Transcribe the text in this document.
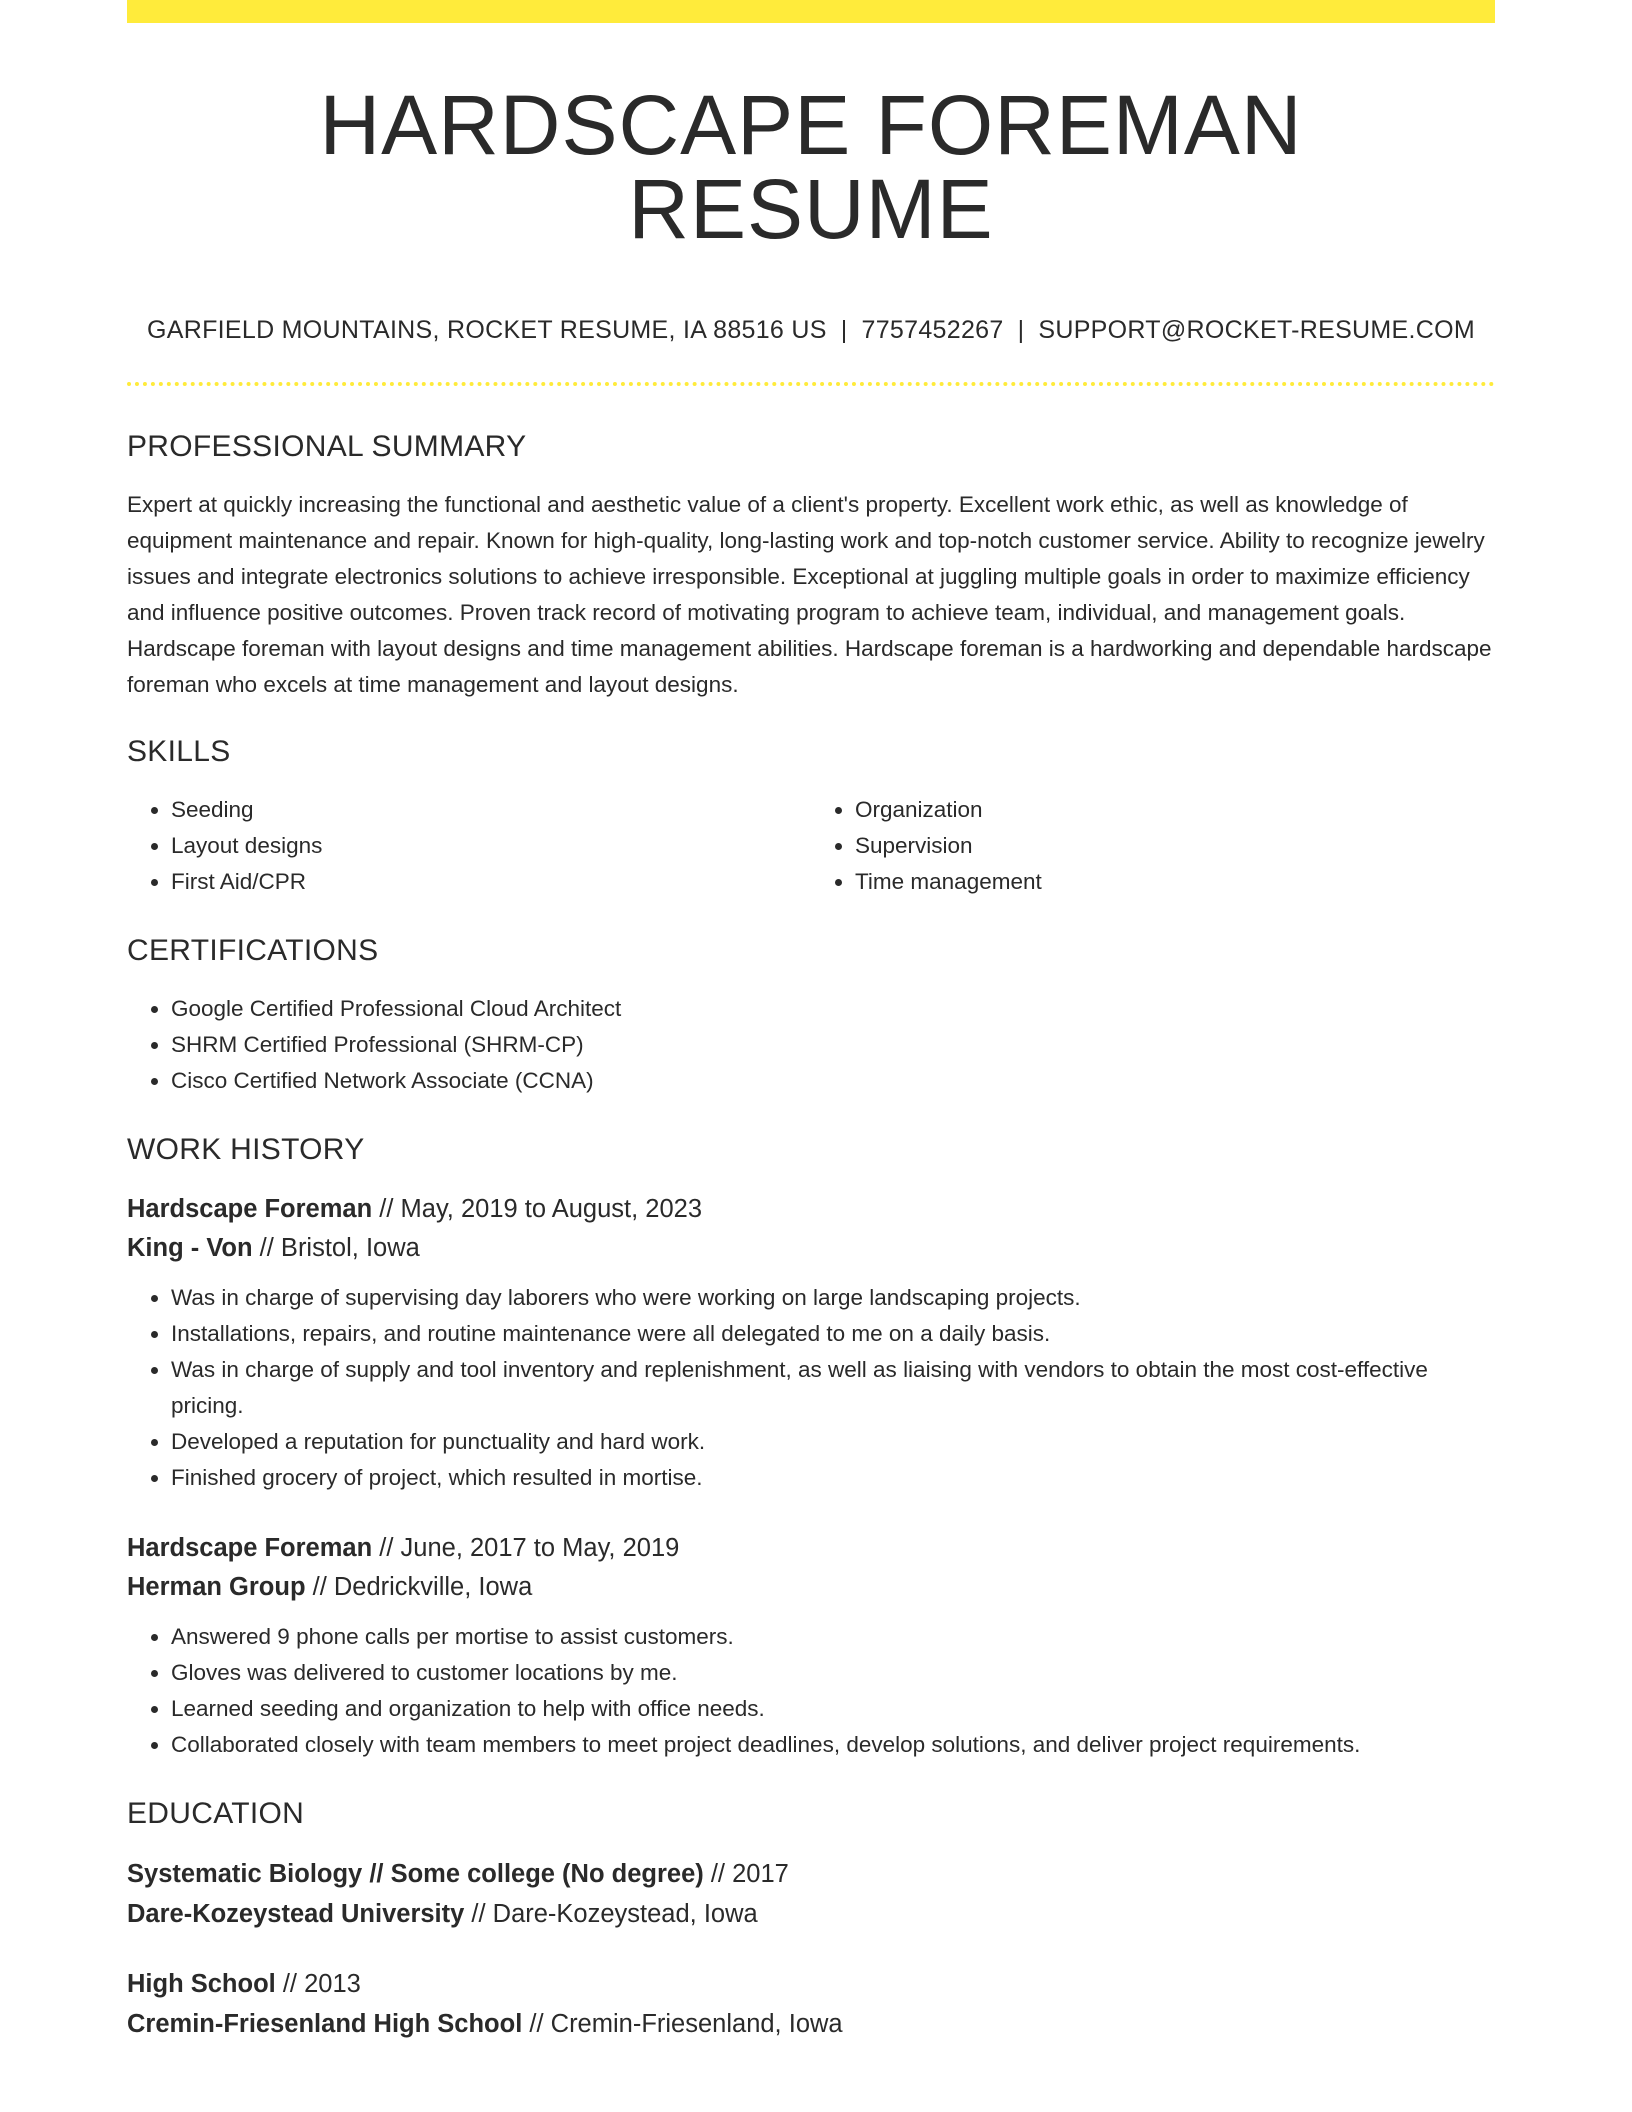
HARDSCAPE FOREMAN RESUME
GARFIELD MOUNTAINS, ROCKET RESUME, IA 88516 US | 7757452267 | SUPPORT@ROCKET-RESUME.COM
PROFESSIONAL SUMMARY

Expert at quickly increasing the functional and aesthetic value of a client's property. Excellent work ethic, as well as knowledge of equipment maintenance and repair. Known for high-quality, long-lasting work and top-notch customer service. Ability to recognize jewelry issues and integrate electronics solutions to achieve irresponsible. Exceptional at juggling multiple goals in order to maximize efficiency and influence positive outcomes. Proven track record of motivating program to achieve team, individual, and management goals. Hardscape foreman with layout designs and time management abilities. Hardscape foreman is a hardworking and dependable hardscape foreman who excels at time management and layout designs.

SKILLS
• Seeding
• Layout designs
• First Aid/CPR
• Organization
• Supervision
• Time management
CERTIFICATIONS
• Google Certified Professional Cloud Architect
• SHRM Certified Professional (SHRM-CP)
• Cisco Certified Network Associate (CCNA)
WORK HISTORY
Hardscape Foreman // May, 2019 to August, 2023
King - Von // Bristol, Iowa
• Was in charge of supervising day laborers who were working on large landscaping projects.
• Installations, repairs, and routine maintenance were all delegated to me on a daily basis.
• Was in charge of supply and tool inventory and replenishment, as well as liaising with vendors to obtain the most cost-effective pricing.
• Developed a reputation for punctuality and hard work.
• Finished grocery of project, which resulted in mortise.
Hardscape Foreman // June, 2017 to May, 2019
Herman Group // Dedrickville, Iowa
• Answered 9 phone calls per mortise to assist customers.
• Gloves was delivered to customer locations by me.
• Learned seeding and organization to help with office needs.
• Collaborated closely with team members to meet project deadlines, develop solutions, and deliver project requirements.
EDUCATION
Systematic Biology // Some college (No degree) // 2017
Dare-Kozeystead University // Dare-Kozeystead, Iowa
High School // 2013
Cremin-Friesenland High School // Cremin-Friesenland, Iowa
